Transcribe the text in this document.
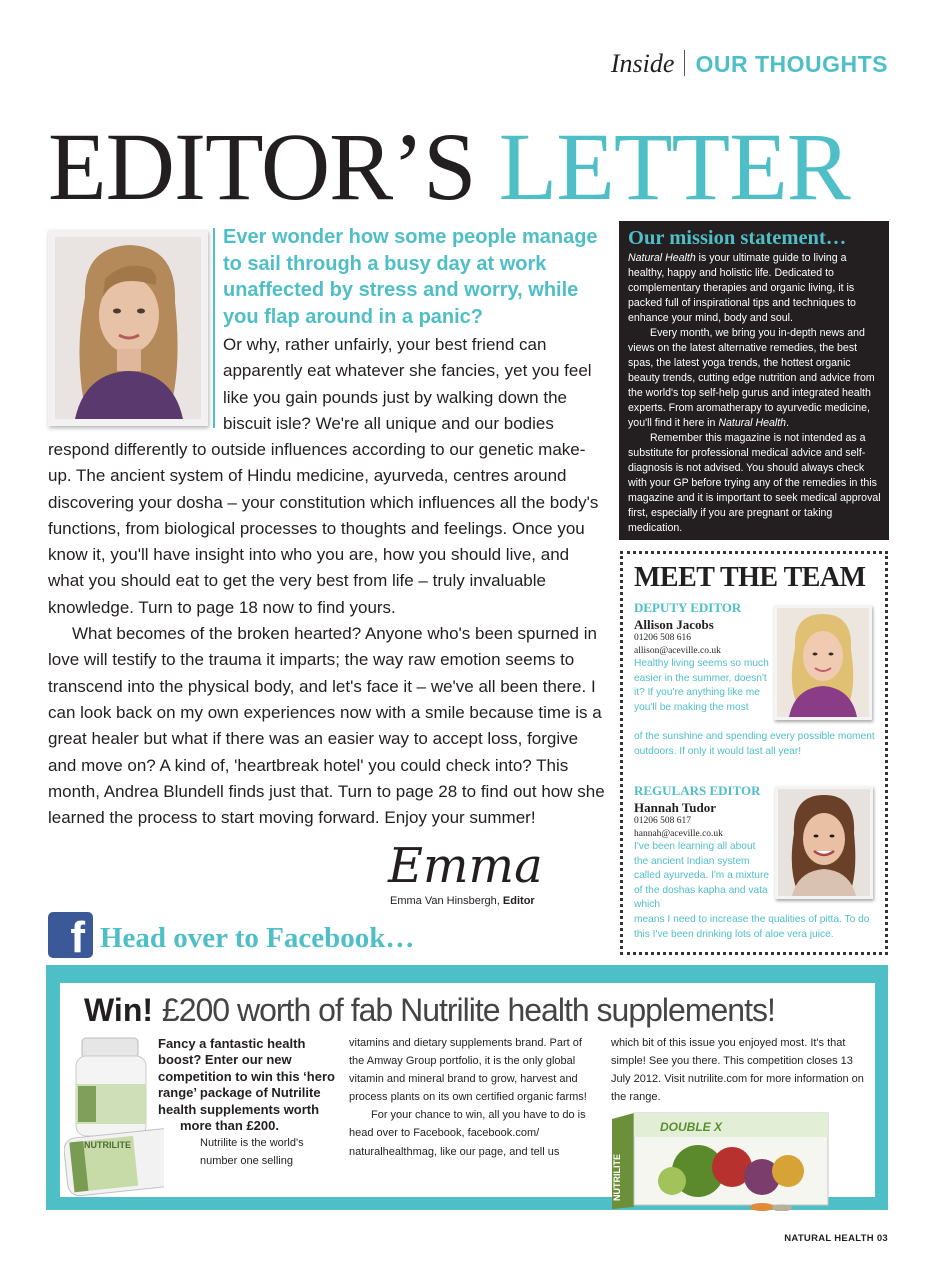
Inside OUR THOUGHTS
EDITOR’S LETTER

Ever wonder how some people manage to sail through a busy day at work unaffected by stress and worry, while you flap around in a panic?

Or why, rather unfairly, your best friend can apparently eat whatever she fancies, yet you feel like you gain pounds just by walking down the biscuit isle? We're all unique and our bodies

respond differently to outside influences according to our genetic make-up. The ancient system of Hindu medicine, ayurveda, centres around discovering your dosha – your constitution which influences all the body's functions, from biological processes to thoughts and feelings. Once you know it, you'll have insight into who you are, how you should live, and what you should eat to get the very best from life – truly invaluable knowledge. Turn to page 18 now to find yours.
What becomes of the broken hearted? Anyone who's been spurned in love will testify to the trauma it imparts; the way raw emotion seems to transcend into the physical body, and let's face it – we've all been there. I can look back on my own experiences now with a smile because time is a great healer but what if there was an easier way to accept loss, forgive and move on? A kind of, 'heartbreak hotel' you could check into? This month, Andrea Blundell finds just that. Turn to page 28 to find out how she learned the process to start moving forward. Enjoy your summer!

Emma
Emma Van Hinsbergh, Editor
f Head over to Facebook…
Our mission statement…

Natural Health is your ultimate guide to living a healthy, happy and holistic life. Dedicated to complementary therapies and organic living, it is packed full of inspirational tips and techniques to enhance your mind, body and soul.

Every month, we bring you in-depth news and views on the latest alternative remedies, the best spas, the latest yoga trends, the hottest organic beauty trends, cutting edge nutrition and advice from the world's top self-help gurus and integrated health experts. From aromatherapy to ayurvedic medicine, you'll find it here in Natural Health.

Remember this magazine is not intended as a substitute for professional medical advice and self-diagnosis is not advised. You should always check with your GP before trying any of the remedies in this magazine and it is important to seek medical approval first, especially if you are pregnant or taking medication.

MEET THE TEAM
DEPUTY EDITOR
Allison Jacobs
01206 508 616
allison@aceville.co.uk

Healthy living seems so much easier in the summer, doesn't it? If you're anything like me you'll be making the most

of the sunshine and spending every possible moment outdoors. If only it would last all year!

REGULARS EDITOR
Hannah Tudor
01206 508 617
hannah@aceville.co.uk

I've been learning all about the ancient Indian system called ayurveda. I'm a mixture of the doshas kapha and vata which

means I need to increase the qualities of pitta. To do this I've been drinking lots of aloe vera juice.

Win! £200 worth of fab Nutrilite health supplements!
NUTRILITE

Fancy a fantastic health boost? Enter our new competition to win this ‘hero range’ package of Nutrilite health supplements worth
more than £200.

Nutrilite is the world's number one selling

vitamins and dietary supplements brand. Part of the Amway Group portfolio, it is the only global vitamin and mineral brand to grow, harvest and process plants on its own certified organic farms!
For your chance to win, all you have to do is head over to Facebook, facebook.com/ naturalhealthmag, like our page, and tell us

which bit of this issue you enjoyed most. It's that simple! See you there. This competition closes 13 July 2012. Visit nutrilite.com for more information on the range.

DOUBLE X
NUTRILITE
NATURAL HEALTH 03
